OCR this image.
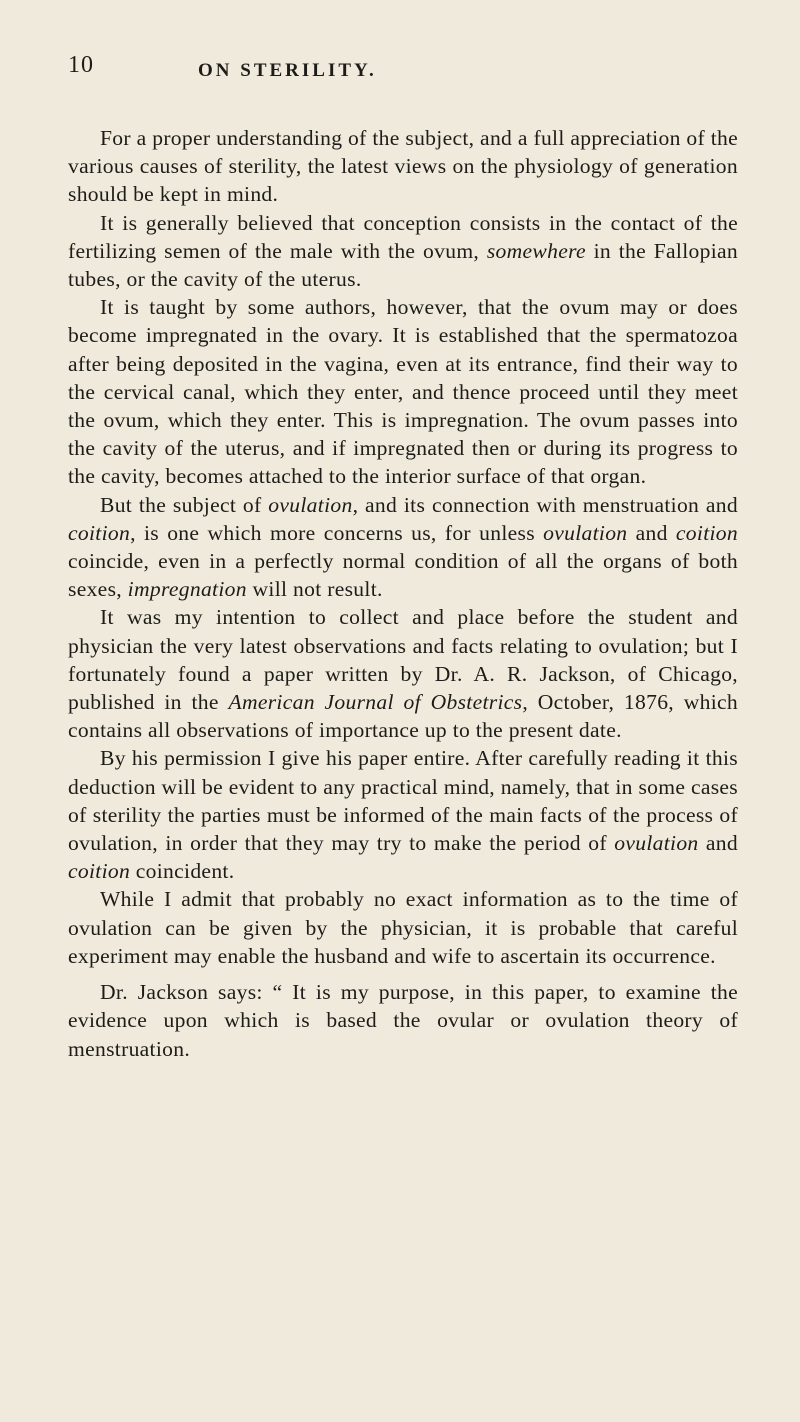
10	ON STERILITY.

For a proper understanding of the subject, and a full appreciation of the various causes of sterility, the latest views on the physiology of generation should be kept in mind.

It is generally believed that conception consists in the contact of the fertilizing semen of the male with the ovum, somewhere in the Fallopian tubes, or the cavity of the uterus.

It is taught by some authors, however, that the ovum may or does become impregnated in the ovary. It is established that the spermatozoa after being deposited in the vagina, even at its entrance, find their way to the cervical canal, which they enter, and thence proceed until they meet the ovum, which they enter. This is impregnation. The ovum passes into the cavity of the uterus, and if impregnated then or during its progress to the cavity, becomes attached to the interior surface of that organ.

But the subject of ovulation, and its connection with menstruation and coition, is one which more concerns us, for unless ovulation and coition coincide, even in a perfectly normal condition of all the organs of both sexes, impregnation will not result.

It was my intention to collect and place before the student and physician the very latest observations and facts relating to ovulation; but I fortunately found a paper written by Dr. A. R. Jackson, of Chicago, published in the American Journal of Obstetrics, October, 1876, which contains all observations of importance up to the present date.

By his permission I give his paper entire. After carefully reading it this deduction will be evident to any practical mind, namely, that in some cases of sterility the parties must be informed of the main facts of the process of ovulation, in order that they may try to make the period of ovulation and coition coincident.

While I admit that probably no exact information as to the time of ovulation can be given by the physician, it is probable that careful experiment may enable the husband and wife to ascertain its occurrence.

Dr. Jackson says: “ It is my purpose, in this paper, to examine the evidence upon which is based the ovular or ovulation theory of menstruation.
